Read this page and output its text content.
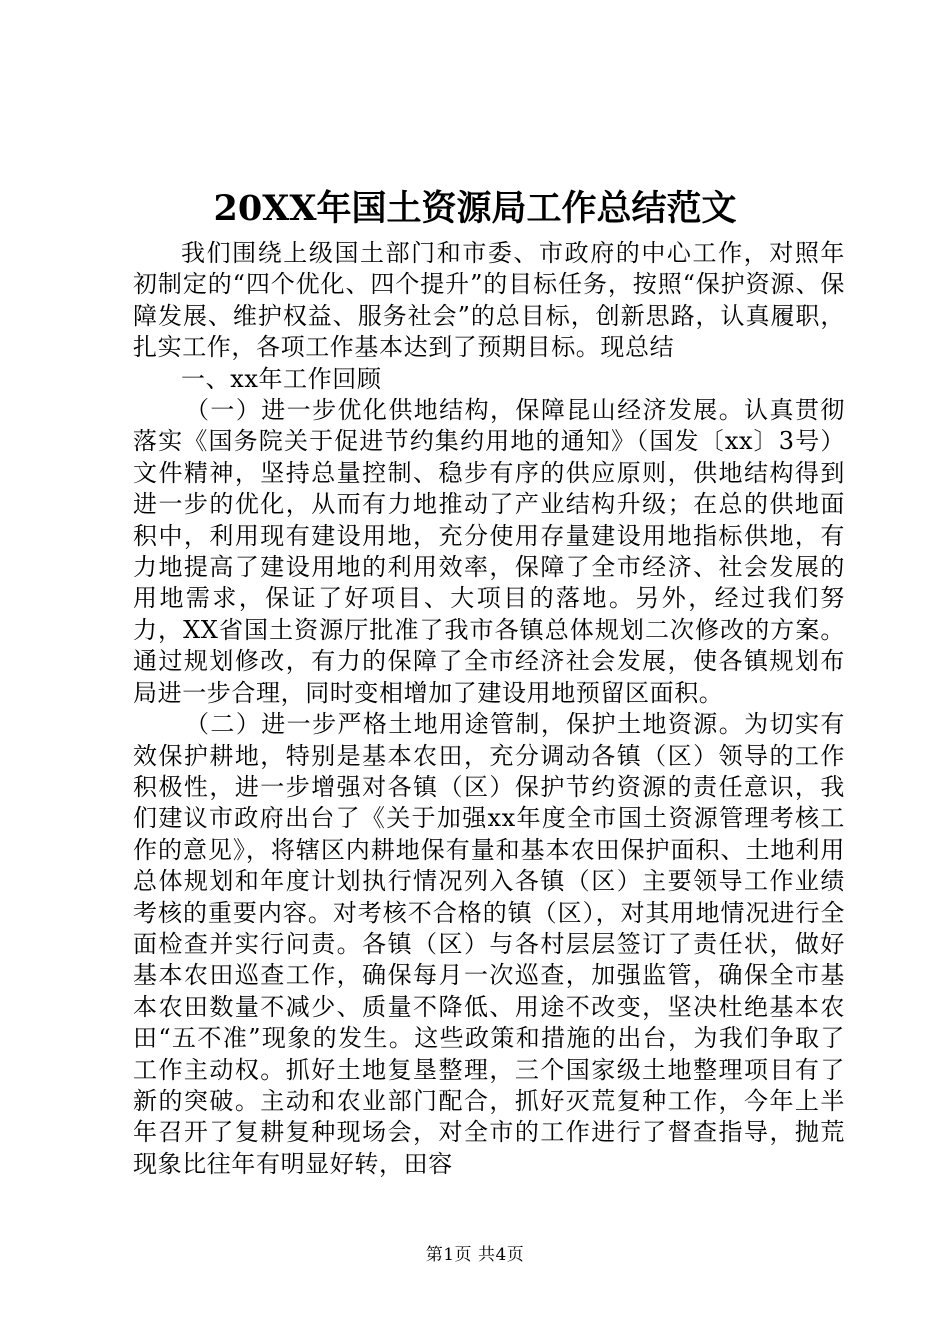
20XX年国土资源局工作总结范文

我们围绕上级国土部门和市委、市政府的中心工作，对照年初制定的“四个优化、四个提升”的目标任务，按照“保护资源、保障发展、维护权益、服务社会”的总目标，创新思路，认真履职，扎实工作，各项工作基本达到了预期目标。现总结

一、xx年工作回顾

（一）进一步优化供地结构，保障昆山经济发展。认真贯彻落实《国务院关于促进节约集约用地的通知》（国发〔xx〕3号）文件精神，坚持总量控制、稳步有序的供应原则，供地结构得到进一步的优化，从而有力地推动了产业结构升级；在总的供地面积中，利用现有建设用地，充分使用存量建设用地指标供地，有力地提高了建设用地的利用效率，保障了全市经济、社会发展的用地需求，保证了好项目、大项目的落地。另外，经过我们努力，XX省国土资源厅批准了我市各镇总体规划二次修改的方案。通过规划修改，有力的保障了全市经济社会发展，使各镇规划布局进一步合理，同时变相增加了建设用地预留区面积。

（二）进一步严格土地用途管制，保护土地资源。为切实有效保护耕地，特别是基本农田，充分调动各镇（区）领导的工作积极性，进一步增强对各镇（区）保护节约资源的责任意识，我们建议市政府出台了《关于加强xx年度全市国土资源管理考核工作的意见》，将辖区内耕地保有量和基本农田保护面积、土地利用总体规划和年度计划执行情况列入各镇（区）主要领导工作业绩考核的重要内容。对考核不合格的镇（区），对其用地情况进行全面检查并实行问责。各镇（区）与各村层层签订了责任状，做好基本农田巡查工作，确保每月一次巡查，加强监管，确保全市基本农田数量不减少、质量不降低、用途不改变，坚决杜绝基本农田“五不准”现象的发生。这些政策和措施的出台，为我们争取了工作主动权。抓好土地复垦整理，三个国家级土地整理项目有了新的突破。主动和农业部门配合，抓好灭荒复种工作，今年上半年召开了复耕复种现场会，对全市的工作进行了督查指导，抛荒现象比往年有明显好转，田容

第1页 共4页
